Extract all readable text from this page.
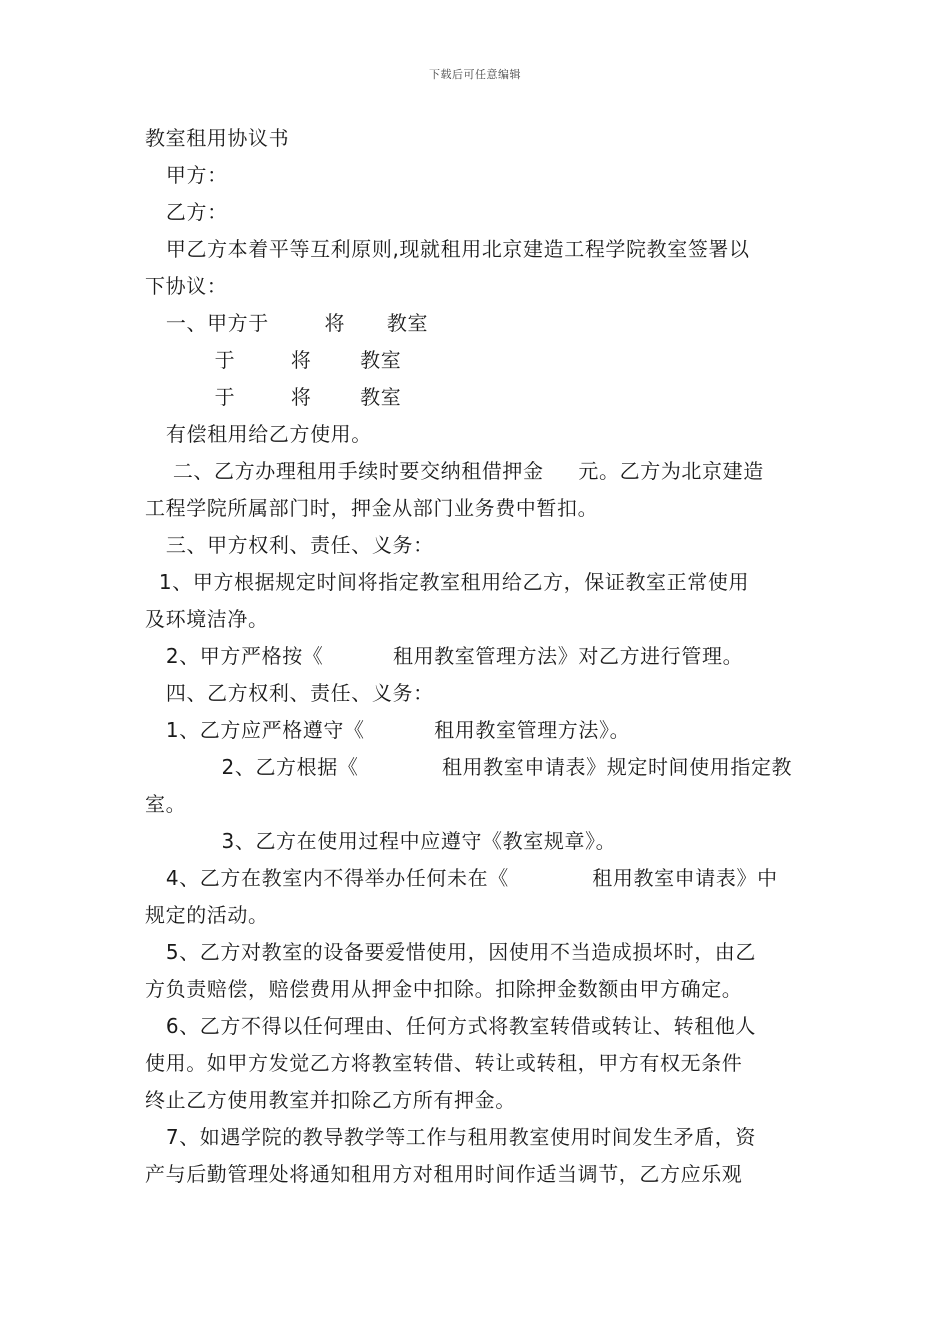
下载后可任意编辑
教室租用协议书
甲方：
乙方：
甲乙方本着平等互利原则,现就租用北京建造工程学院教室签署以
下协议：
一、甲方于        将      教室
于        将       教室
于        将       教室
有偿租用给乙方使用。
二、乙方办理租用手续时要交纳租借押金     元。乙方为北京建造
工程学院所属部门时，押金从部门业务费中暂扣。
三、甲方权利、责任、义务：
1、甲方根据规定时间将指定教室租用给乙方，保证教室正常使用
及环境洁净。
2、甲方严格按《          租用教室管理方法》对乙方进行管理。
四、乙方权利、责任、义务：
1、乙方应严格遵守《          租用教室管理方法》。
2、乙方根据《            租用教室申请表》规定时间使用指定教
室。
3、乙方在使用过程中应遵守《教室规章》。
4、乙方在教室内不得举办任何未在《            租用教室申请表》中
规定的活动。
5、乙方对教室的设备要爱惜使用，因使用不当造成损坏时，由乙
方负责赔偿，赔偿费用从押金中扣除。扣除押金数额由甲方确定。
6、乙方不得以任何理由、任何方式将教室转借或转让、转租他人
使用。如甲方发觉乙方将教室转借、转让或转租，甲方有权无条件
终止乙方使用教室并扣除乙方所有押金。
7、如遇学院的教导教学等工作与租用教室使用时间发生矛盾，资
产与后勤管理处将通知租用方对租用时间作适当调节，乙方应乐观
